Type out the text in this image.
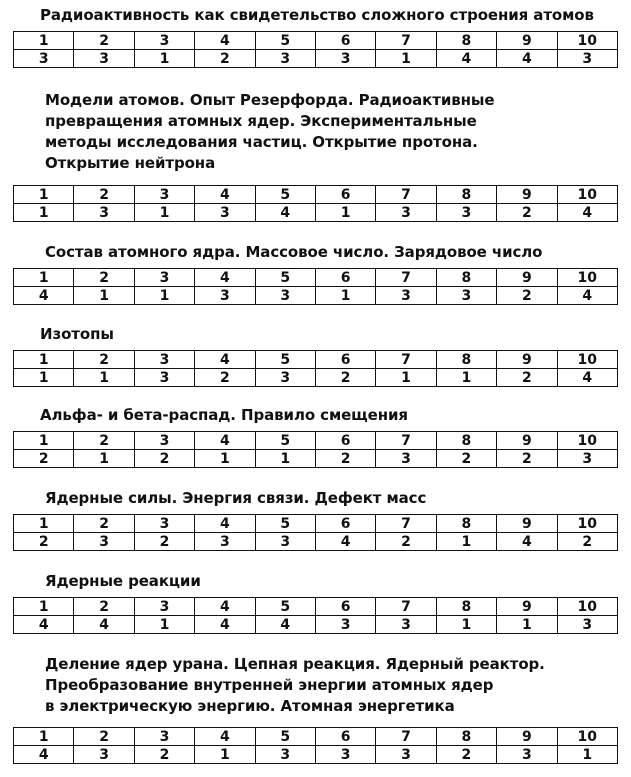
Радиоактивность как свидетельство сложного строения атомов
1	2	3	4	5	6	7	8	9	10
3	3	1	2	3	3	1	4	4	3
Модели атомов. Опыт Резерфорда. Радиоактивные
превращения атомных ядер. Экспериментальные
методы исследования частиц. Открытие протона.
Открытие нейтрона
1	2	3	4	5	6	7	8	9	10
1	3	1	3	4	1	3	3	2	4
Состав атомного ядра. Массовое число. Зарядовое число
1	2	3	4	5	6	7	8	9	10
4	1	1	3	3	1	3	3	2	4
Изотопы
1	2	3	4	5	6	7	8	9	10
1	1	3	2	3	2	1	1	2	4
Альфа- и бета-распад. Правило смещения
1	2	3	4	5	6	7	8	9	10
2	1	2	1	1	2	3	2	2	3
Ядерные силы. Энергия связи. Дефект масс
1	2	3	4	5	6	7	8	9	10
2	3	2	3	3	4	2	1	4	2
Ядерные реакции
1	2	3	4	5	6	7	8	9	10
4	4	1	4	4	3	3	1	1	3
Деление ядер урана. Цепная реакция. Ядерный реактор.
Преобразование внутренней энергии атомных ядер
в электрическую энергию. Атомная энергетика
1	2	3	4	5	6	7	8	9	10
4	3	2	1	3	3	3	2	3	1
